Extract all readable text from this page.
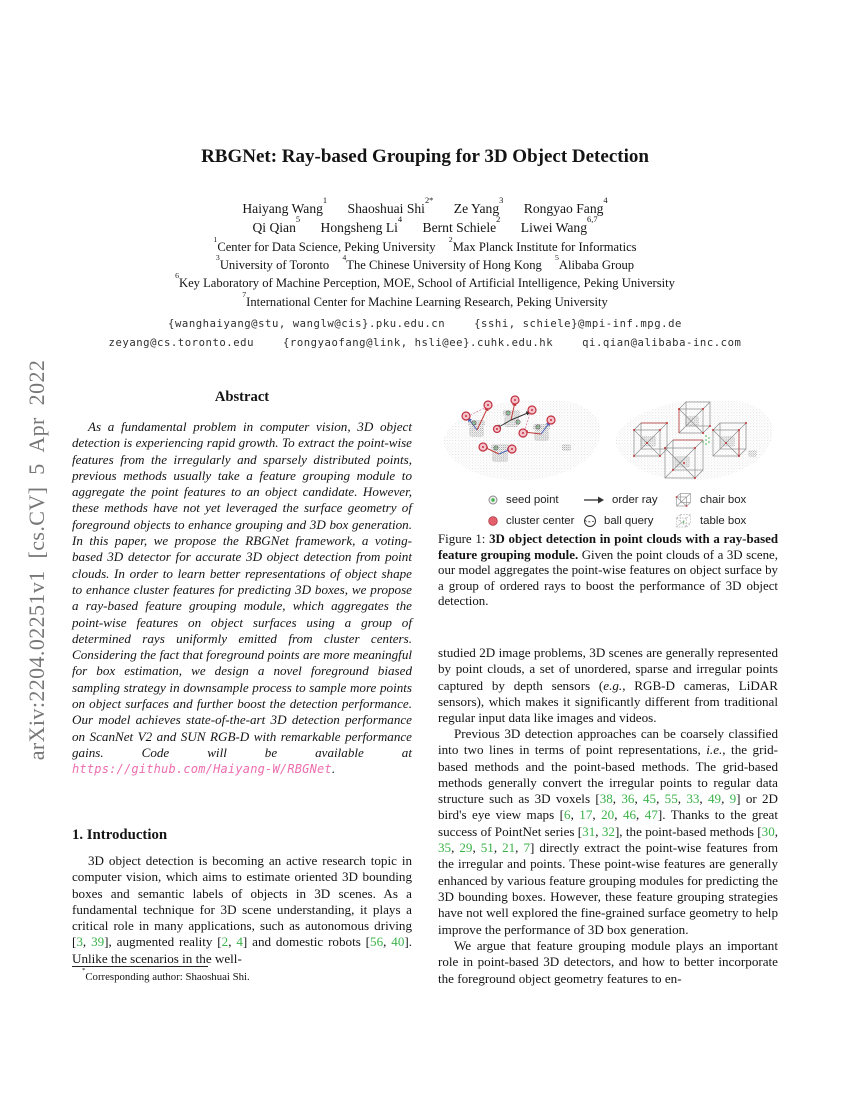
arXiv:2204.02251v1 [cs.CV] 5 Apr 2022
RBGNet: Ray-based Grouping for 3D Object Detection
Haiyang Wang$^1$ Shaoshuai Shi$^{2*}$ Ze Yang$^3$ Rongyao Fang$^4$
Qi Qian$^5$ Hongsheng Li$^4$ Bernt Schiele$^2$ Liwei Wang$^{6,7}$
$^1$Center for Data Science, Peking University $^2$Max Planck Institute for Informatics
$^3$University of Toronto $^4$The Chinese University of Hong Kong $^5$Alibaba Group
$^6$Key Laboratory of Machine Perception, MOE, School of Artificial Intelligence, Peking University
$^7$International Center for Machine Learning Research, Peking University
{wanghaiyang@stu, wanglw@cis}.pku.edu.cn	{sshi, schiele}@mpi-inf.mpg.de
zeyang@cs.toronto.edu	{rongyaofang@link, hsli@ee}.cuhk.edu.hk	qi.qian@alibaba-inc.com
Abstract

As a fundamental problem in computer vision, 3D object detection is experiencing rapid growth. To extract the point-wise features from the irregularly and sparsely distributed points, previous methods usually take a feature grouping module to aggregate the point features to an object candidate. However, these methods have not yet leveraged the surface geometry of foreground objects to enhance grouping and 3D box generation. In this paper, we propose the RBGNet framework, a voting-based 3D detector for accurate 3D object detection from point clouds. In order to learn better representations of object shape to enhance cluster features for predicting 3D boxes, we propose a ray-based feature grouping module, which aggregates the point-wise features on object surfaces using a group of determined rays uniformly emitted from cluster centers. Considering the fact that foreground points are more meaningful for box estimation, we design a novel foreground biased sampling strategy in downsample process to sample more points on object surfaces and further boost the detection performance. Our model achieves state-of-the-art 3D detection performance on ScanNet V2 and SUN RGB-D with remarkable performance gains. Code will be available at https://github.com/Haiyang-W/RBGNet.

1. Introduction

3D object detection is becoming an active research topic in computer vision, which aims to estimate oriented 3D bounding boxes and semantic labels of objects in 3D scenes. As a fundamental technique for 3D scene understanding, it plays a critical role in many applications, such as autonomous driving [3, 39], augmented reality [2, 4] and domestic robots [56, 40]. Unlike the scenarios in the well-

*Corresponding author: Shaoshuai Shi.
seed point	order ray	chair box
cluster center	ball query	table box

Figure 1: 3D object detection in point clouds with a ray-based feature grouping module. Given the point clouds of a 3D scene, our model aggregates the point-wise features on object surface by a group of ordered rays to boost the performance of 3D object detection.

studied 2D image problems, 3D scenes are generally represented by point clouds, a set of unordered, sparse and irregular points captured by depth sensors (e.g., RGB-D cameras, LiDAR sensors), which makes it significantly different from traditional regular input data like images and videos.

Previous 3D detection approaches can be coarsely classified into two lines in terms of point representations, i.e., the grid-based methods and the point-based methods. The grid-based methods generally convert the irregular points to regular data structure such as 3D voxels [38, 36, 45, 55, 33, 49, 9] or 2D bird's eye view maps [6, 17, 20, 46, 47]. Thanks to the great success of PointNet series [31, 32], the point-based methods [30, 35, 29, 51, 21, 7] directly extract the point-wise features from the irregular and points. These point-wise features are generally enhanced by various feature grouping modules for predicting the 3D bounding boxes. However, these feature grouping strategies have not well explored the fine-grained surface geometry to help improve the performance of 3D box generation.

We argue that feature grouping module plays an important role in point-based 3D detectors, and how to better incorporate the foreground object geometry features to en-
